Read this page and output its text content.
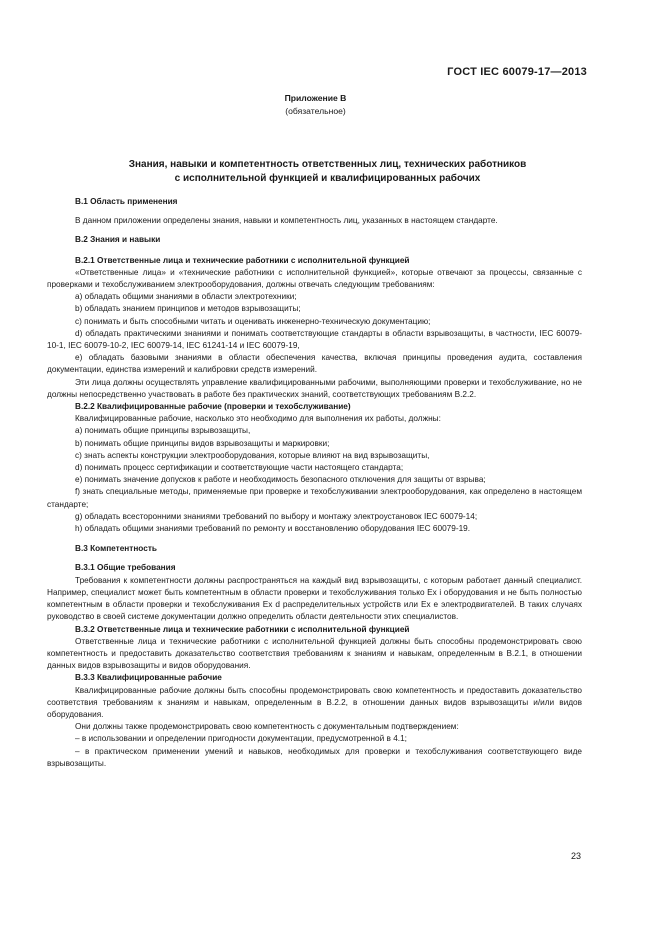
ГОСТ IEC 60079-17—2013
Приложение В
(обязательное)
Знания, навыки и компетентность ответственных лиц, технических работников
с исполнительной функцией и квалифицированных рабочих

В.1 Область применения

В данном приложении определены знания, навыки и компетентность лиц, указанных в настоящем стандарте.

В.2 Знания и навыки

В.2.1 Ответственные лица и технические работники с исполнительной функцией

«Ответственные лица» и «технические работники с исполнительной функцией», которые отвечают за процессы, связанные с проверками и техобслуживанием электрооборудования, должны отвечать следующим требованиям:

а) обладать общими знаниями в области электротехники;

b) обладать знанием принципов и методов взрывозащиты;

с) понимать и быть способными читать и оценивать инженерно-техническую документацию;

d) обладать практическими знаниями и понимать соответствующие стандарты в области взрывозащиты, в частности, IEC 60079-10-1, IEC 60079-10-2, IEC 60079-14, IEC 61241-14 и IEC 60079-19,

е) обладать базовыми знаниями в области обеспечения качества, включая принципы проведения аудита, составления документации, единства измерений и калибровки средств измерений.

Эти лица должны осуществлять управление квалифицированными рабочими, выполняющими проверки и техобслуживание, но не должны непосредственно участвовать в работе без практических знаний, соответствующих требованиям В.2.2.

В.2.2 Квалифицированные рабочие (проверки и техобслуживание)

Квалифицированные рабочие, насколько это необходимо для выполнения их работы, должны:

а) понимать общие принципы взрывозащиты,

b) понимать общие принципы видов взрывозащиты и маркировки;

с) знать аспекты конструкции электрооборудования, которые влияют на вид взрывозащиты,

d) понимать процесс сертификации и соответствующие части настоящего стандарта;

е) понимать значение допусков к работе и необходимость безопасного отключения для защиты от взрыва;

f) знать специальные методы, применяемые при проверке и техобслуживании электрооборудования, как определено в настоящем стандарте;

g) обладать всесторонними знаниями требований по выбору и монтажу электроустановок IEC 60079-14;

h) обладать общими знаниями требований по ремонту и восстановлению оборудования IEC 60079-19.

В.3 Компетентность

В.3.1 Общие требования

Требования к компетентности должны распространяться на каждый вид взрывозащиты, с которым работает данный специалист. Например, специалист может быть компетентным в области проверки и техобслуживания только Ex i оборудования и не быть полностью компетентным в области проверки и техобслуживания Ex d распределительных устройств или Ex e электродвигателей. В таких случаях руководство в своей системе документации должно определить области деятельности этих специалистов.

В.3.2 Ответственные лица и технические работники с исполнительной функцией

Ответственные лица и технические работники с исполнительной функцией должны быть способны продемонстрировать свою компетентность и предоставить доказательство соответствия требованиям к знаниям и навыкам, определенным в В.2.1, в отношении данных видов взрывозащиты и видов оборудования.

В.3.3 Квалифицированные рабочие

Квалифицированные рабочие должны быть способны продемонстрировать свою компетентность и предоставить доказательство соответствия требованиям к знаниям и навыкам, определенным в В.2.2, в отношении данных видов взрывозащиты и/или видов оборудования.

Они должны также продемонстрировать свою компетентность с документальным подтверждением:

– в использовании и определении пригодности документации, предусмотренной в 4.1;

– в практическом применении умений и навыков, необходимых для проверки и техобслуживания соответствующего виде взрывозащиты.

23
